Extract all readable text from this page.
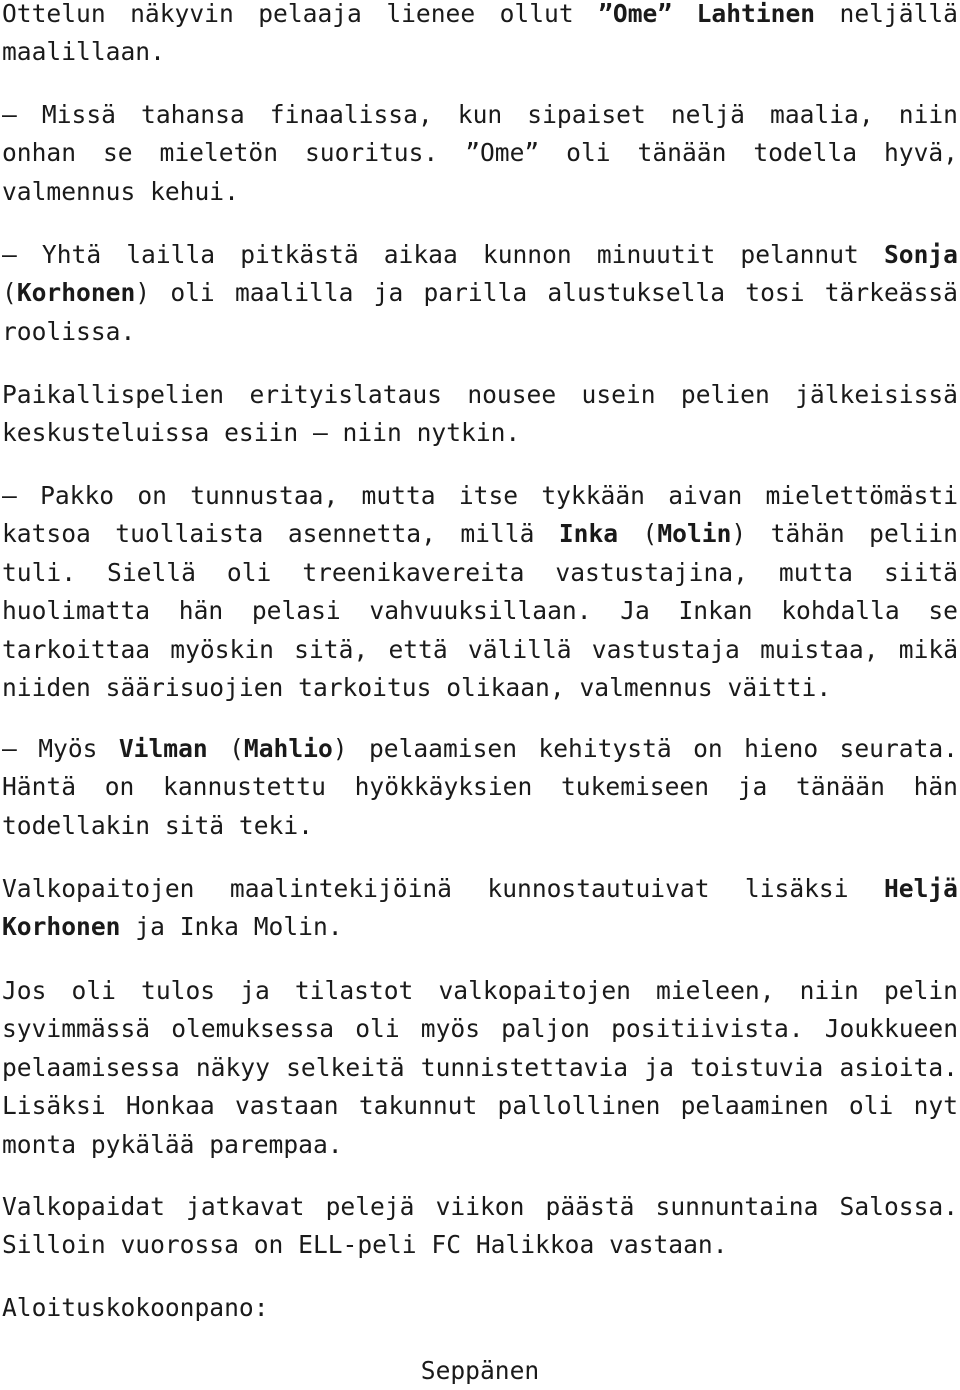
Ottelun näkyvin pelaaja lienee ollut ”Ome” Lahtinen neljällä maalillaan.

– Missä tahansa finaalissa, kun sipaiset neljä maalia, niin onhan se mieletön suoritus. ”Ome” oli tänään todella hyvä, valmennus kehui.

– Yhtä lailla pitkästä aikaa kunnon minuutit pelannut Sonja (Korhonen) oli maalilla ja parilla alustuksella tosi tärkeässä roolissa.

Paikallispelien erityislataus nousee usein pelien jälkeisissä keskusteluissa esiin – niin nytkin.

– Pakko on tunnustaa, mutta itse tykkään aivan mielettömästi katsoa tuollaista asennetta, millä Inka (Molin) tähän peliin tuli. Siellä oli treenikavereita vastustajina, mutta siitä huolimatta hän pelasi vahvuuksillaan. Ja Inkan kohdalla se tarkoittaa myöskin sitä, että välillä vastustaja muistaa, mikä niiden säärisuojien tarkoitus olikaan, valmennus väitti.

– Myös Vilman (Mahlio) pelaamisen kehitystä on hieno seurata. Häntä on kannustettu hyökkäyksien tukemiseen ja tänään hän todellakin sitä teki.

Valkopaitojen maalintekijöinä kunnostautuivat lisäksi Heljä Korhonen ja Inka Molin.

Jos oli tulos ja tilastot valkopaitojen mieleen, niin pelin syvimmässä olemuksessa oli myös paljon positiivista. Joukkueen pelaamisessa näkyy selkeitä tunnistettavia ja toistuvia asioita. Lisäksi Honkaa vastaan takunnut pallollinen pelaaminen oli nyt monta pykälää parempaa.

Valkopaidat jatkavat pelejä viikon päästä sunnuntaina Salossa. Silloin vuorossa on ELL-peli FC Halikkoa vastaan.

Aloituskokoonpano:

Seppänen
